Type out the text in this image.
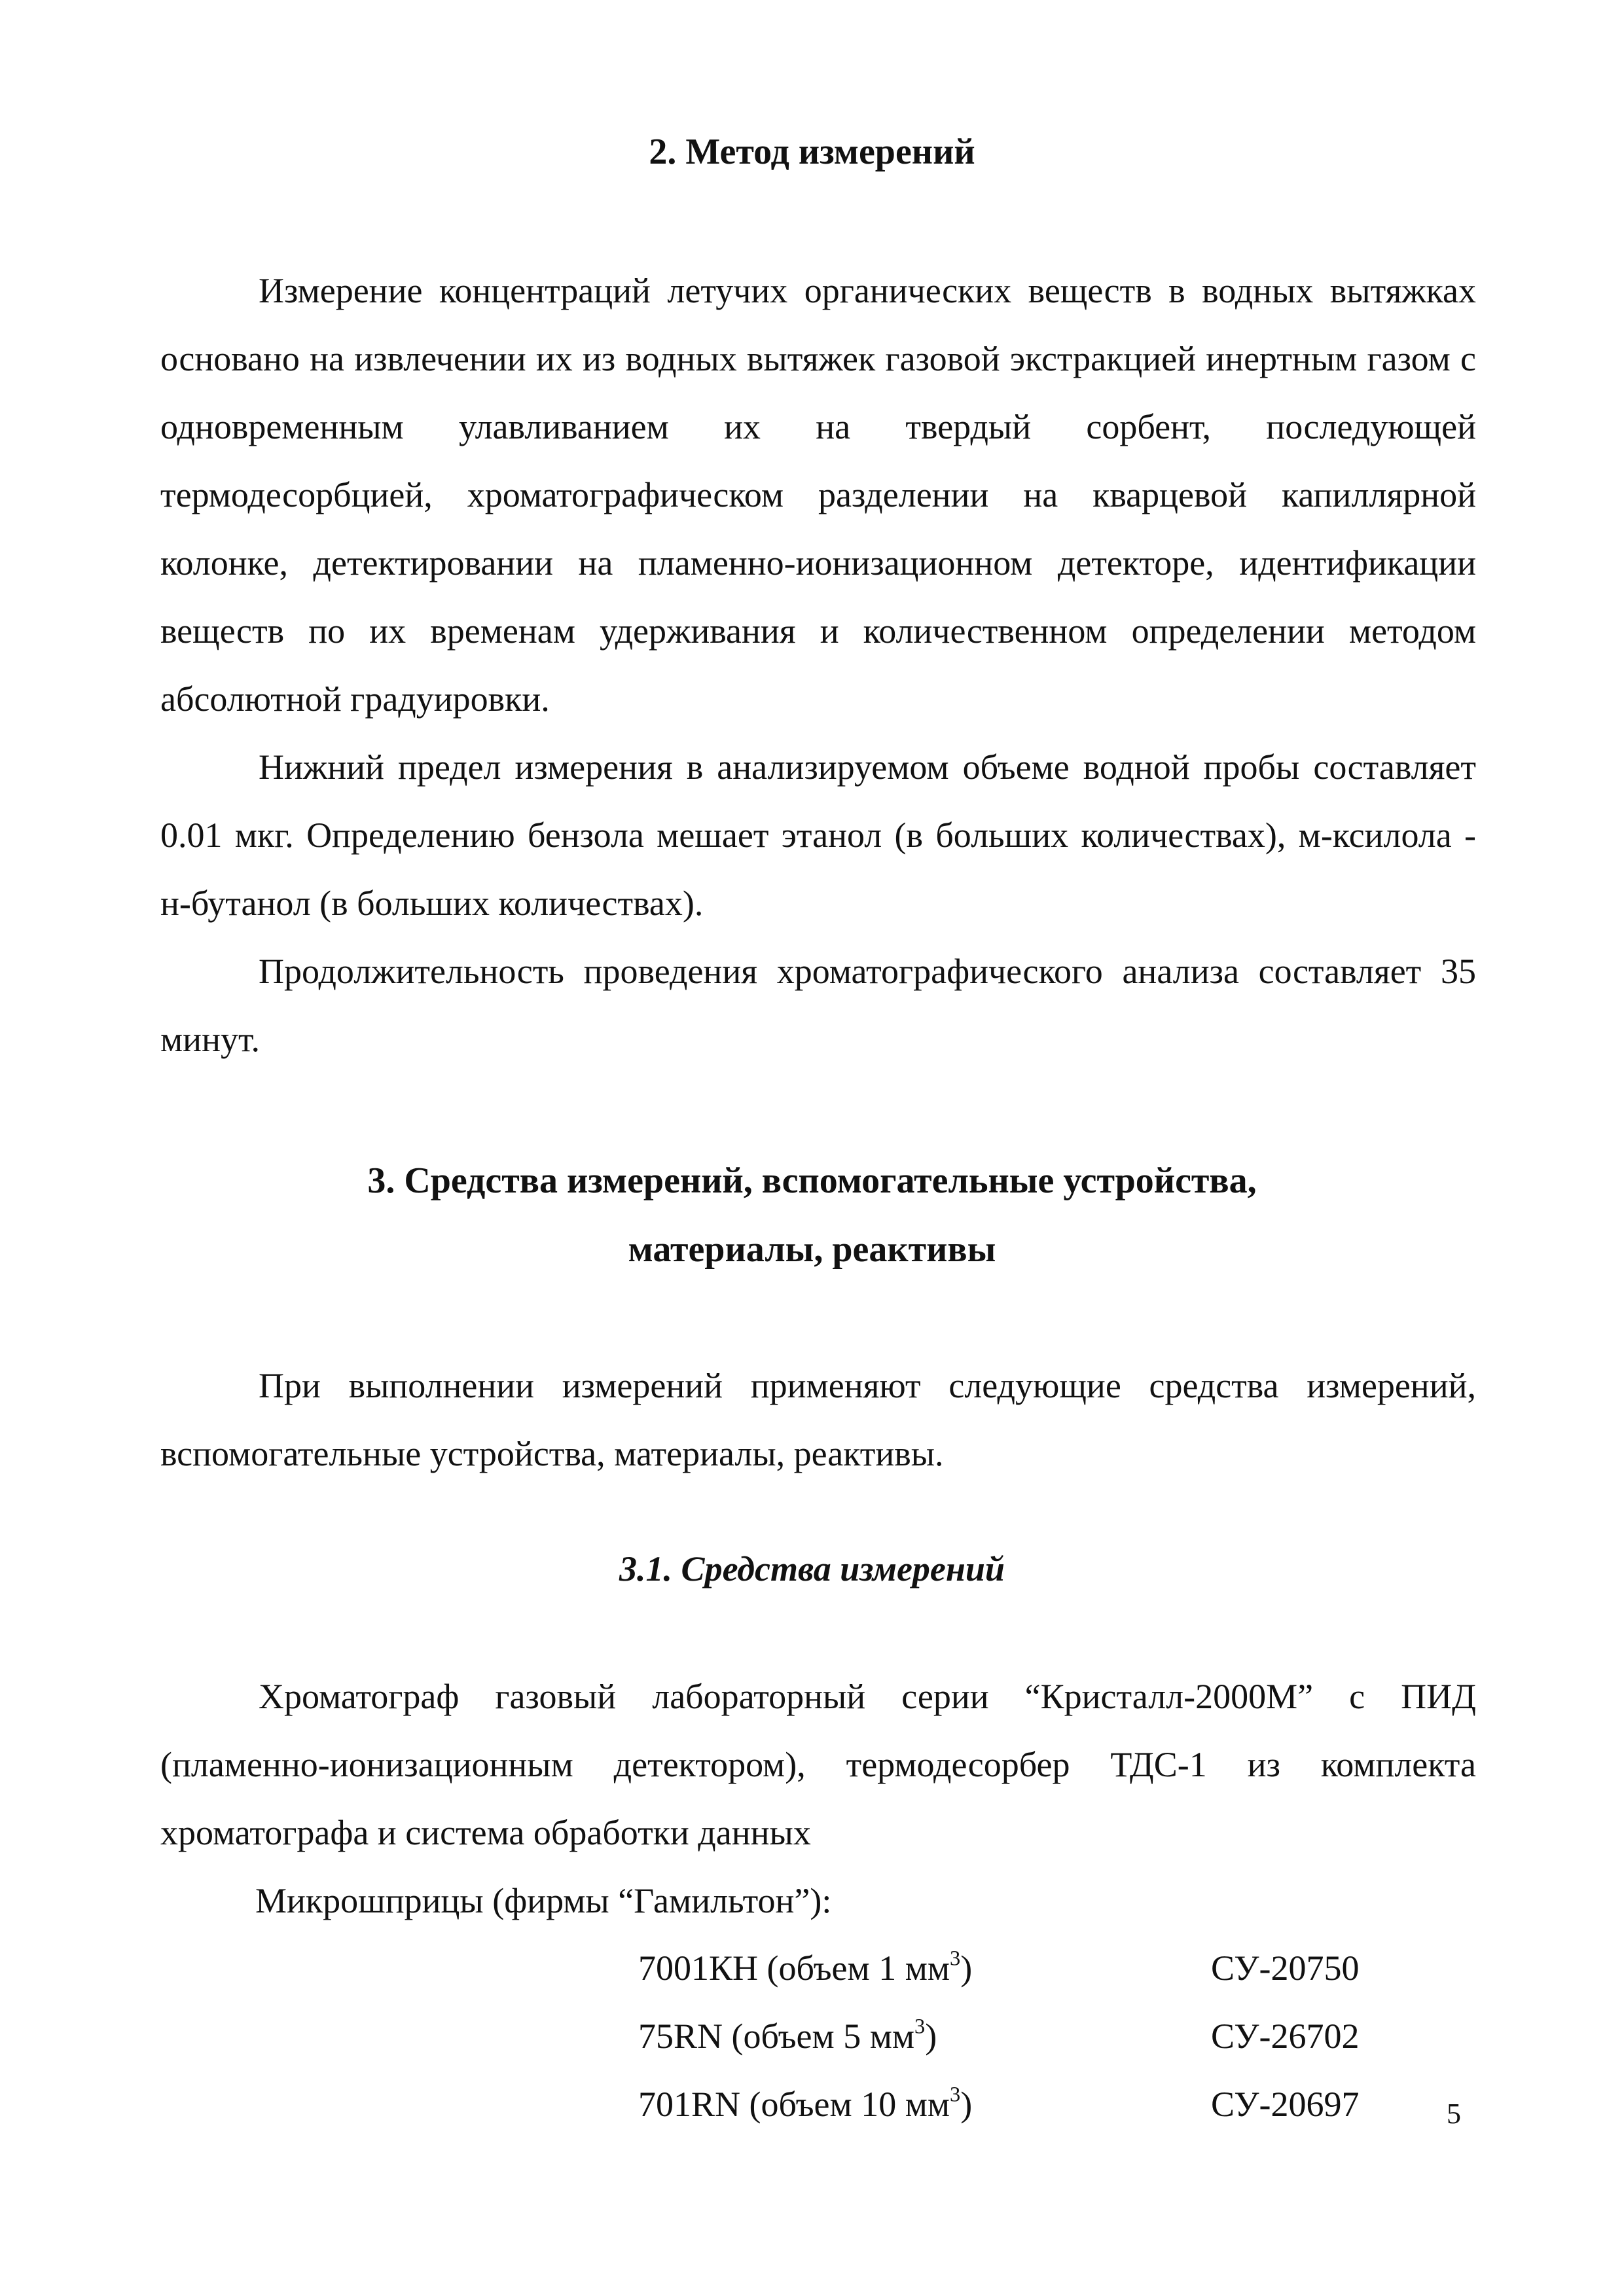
2. Метод измерений

Измерение концентраций летучих органических веществ в водных вытяжках основано на извлечении их из водных вытяжек газовой экстракцией инертным газом с одновременным улавливанием их на твердый сорбент, последующей термодесорбцией, хроматографическом разделении на кварцевой капиллярной колонке, детектировании на пламенно-ионизационном детекторе, идентификации веществ по их временам удерживания и количественном определении методом абсолютной градуировки.

Нижний предел измерения в анализируемом объеме водной пробы составляет 0.01 мкг. Определению бензола мешает этанол (в больших количествах), м-ксилола - н-бутанол (в больших количествах).

Продолжительность проведения хроматографического анализа составляет 35 минут.

3. Средства измерений, вспомогательные устройства,
материалы, реактивы

При выполнении измерений применяют следующие средства измерений, вспомогательные устройства, материалы, реактивы.

3.1. Средства измерений

Хроматограф газовый лабораторный серии “Кристалл-2000М” с ПИД (пламенно-ионизационным детектором), термодесорбер ТДС-1 из комплекта хроматографа и система обработки данных

Микрошприцы (фирмы “Гамильтон”):
7001КН (объем 1 $мм^3$)	СУ-20750
75RN (объем 5 $мм^3$)	СУ-26702
701RN (объем 10 $мм^3$)	СУ-20697	5
